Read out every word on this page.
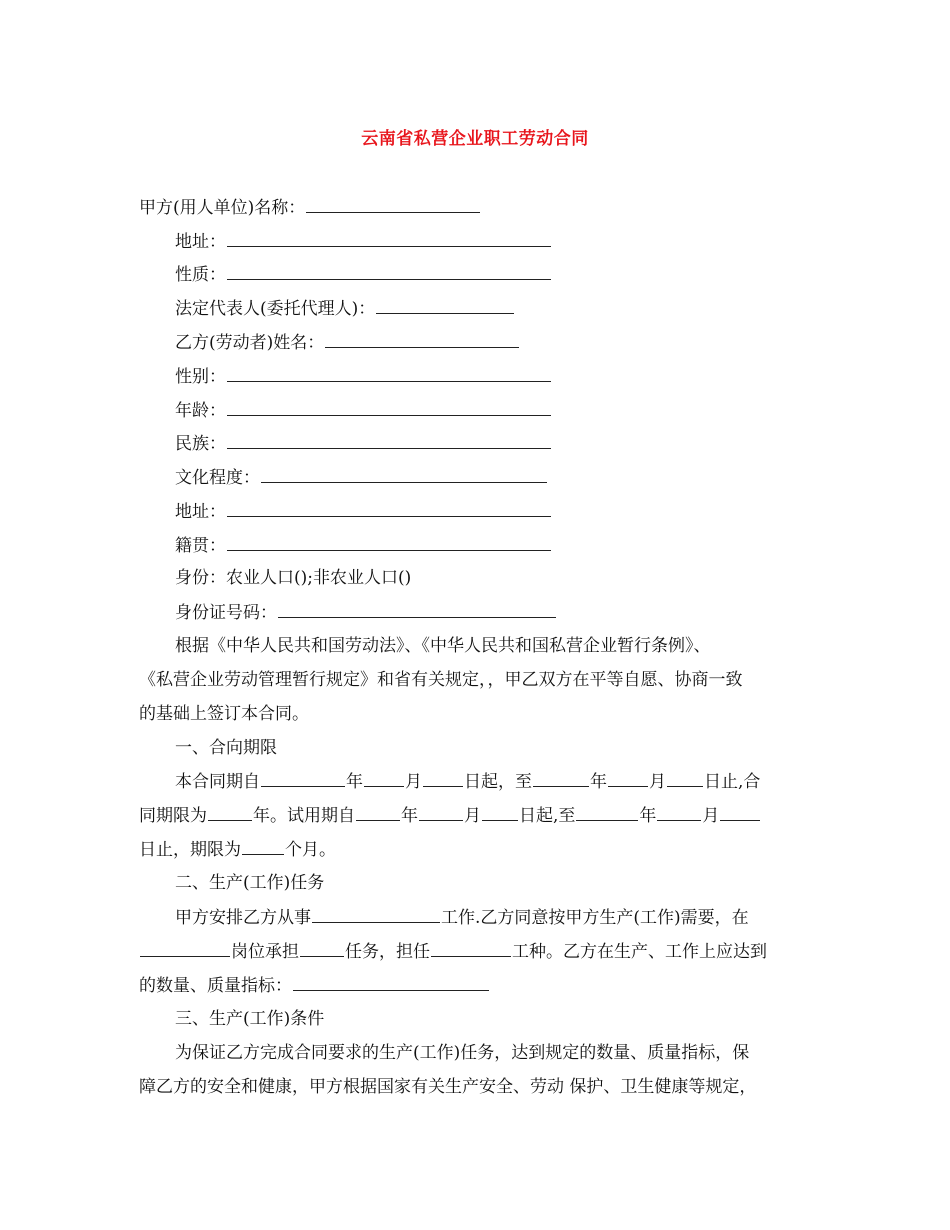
云南省私营企业职工劳动合同
甲方(用人单位)名称：
地址：
性质：
法定代表人(委托代理人)：
乙方(劳动者)姓名：
性别：
年龄：
民族：
文化程度：
地址：
籍贯：
身份：农业人口();非农业人口()
身份证号码：
根据《中华人民共和国劳动法》、《中华人民共和国私营企业暂行条例》、
《私营企业劳动管理暂行规定》和省有关规定，，甲乙双方在平等自愿、协商一致
的基础上签订本合同。
一、合向期限
本合同期自	年 月 日起，至	年 月 日止,合
同期限为	年。试用期自	年	月 日起,至	年	月
日止，期限为	个月。
二、生产(工作)任务
甲方安排乙方从事	工作.乙方同意按甲方生产(工作)需要，在
岗位承担	任务，担任	工种。乙方在生产、工作上应达到
的数量、质量指标：
三、生产(工作)条件
为保证乙方完成合同要求的生产(工作)任务，达到规定的数量、质量指标，保
障乙方的安全和健康，甲方根据国家有关生产安全、劳动 保护、卫生健康等规定，
